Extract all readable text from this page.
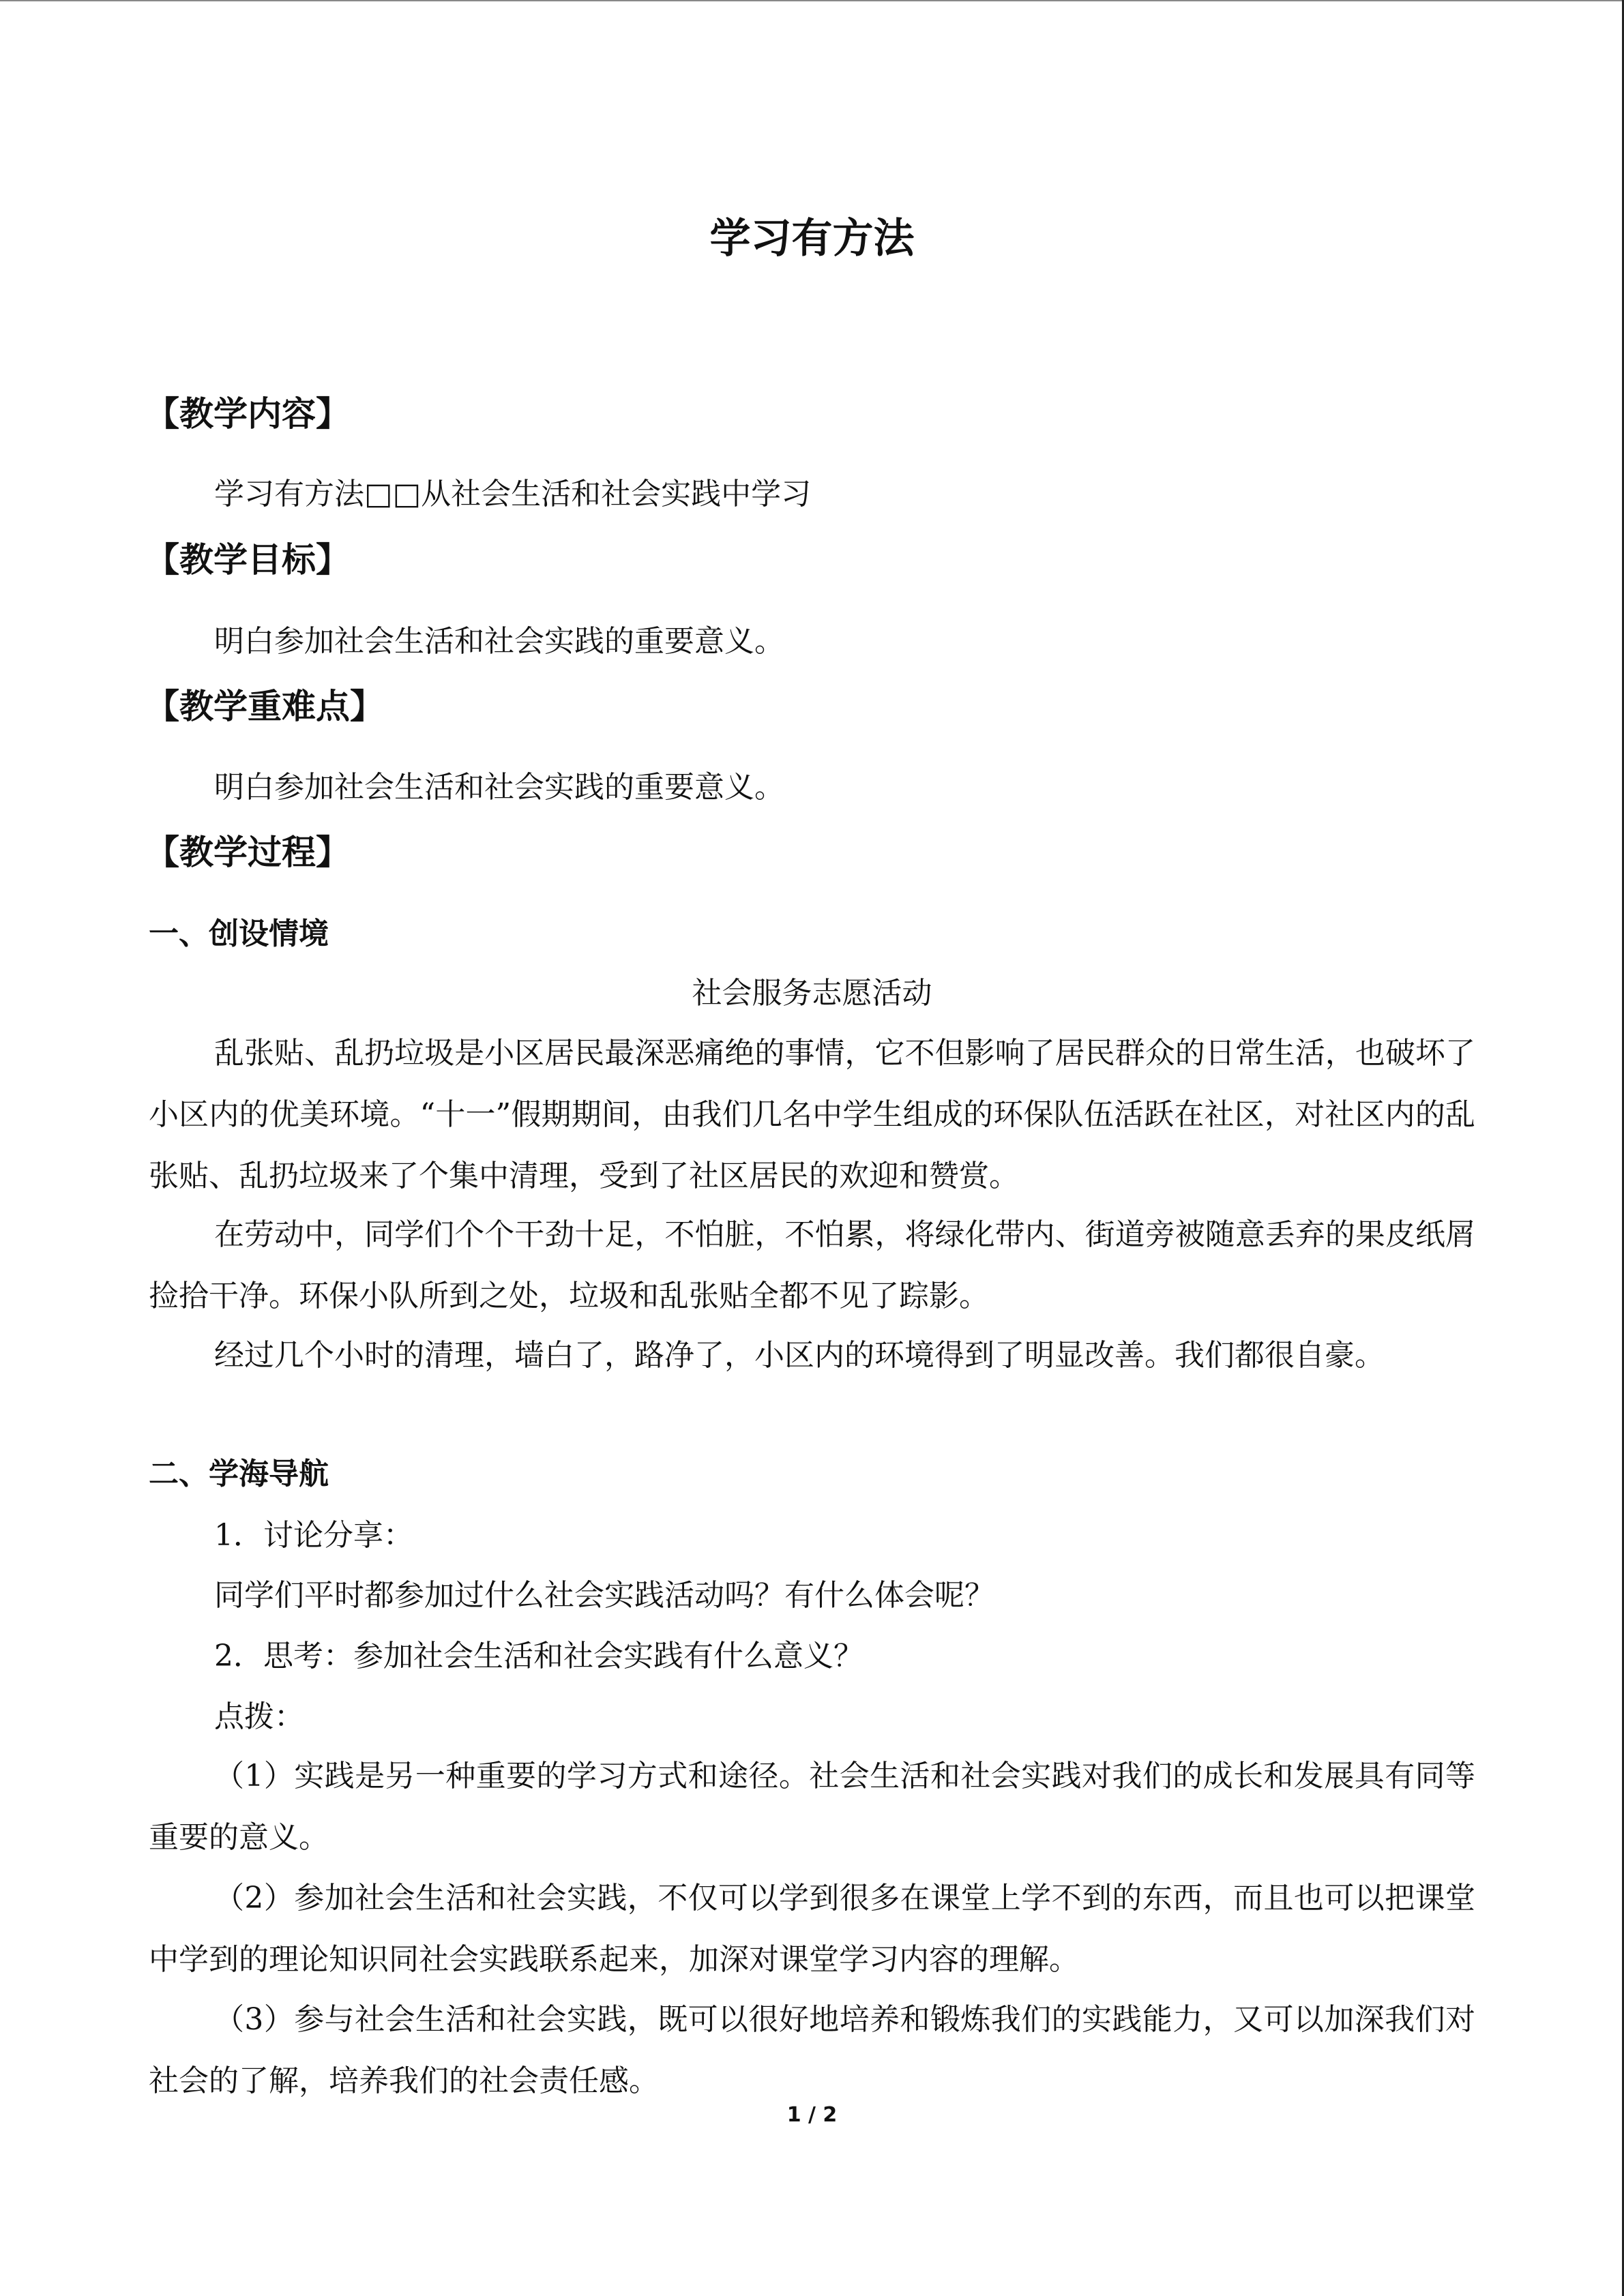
学习有方法
【教学内容】

学习有方法□□从社会生活和社会实践中学习

【教学目标】

明白参加社会生活和社会实践的重要意义。

【教学重难点】

明白参加社会生活和社会实践的重要意义。

【教学过程】
一、创设情境
社会服务志愿活动

乱张贴、乱扔垃圾是小区居民最深恶痛绝的事情，它不但影响了居民群众的日常生活，也破坏了小区内的优美环境。“十一”假期期间，由我们几名中学生组成的环保队伍活跃在社区，对社区内的乱张贴、乱扔垃圾来了个集中清理，受到了社区居民的欢迎和赞赏。

在劳动中，同学们个个干劲十足，不怕脏，不怕累，将绿化带内、街道旁被随意丢弃的果皮纸屑捡拾干净。环保小队所到之处，垃圾和乱张贴全都不见了踪影。

经过几个小时的清理，墙白了，路净了，小区内的环境得到了明显改善。我们都很自豪。

二、学海导航

1．讨论分享：

同学们平时都参加过什么社会实践活动吗？有什么体会呢？

2．思考：参加社会生活和社会实践有什么意义？

点拨：

（1）实践是另一种重要的学习方式和途径。社会生活和社会实践对我们的成长和发展具有同等重要的意义。

（2）参加社会生活和社会实践，不仅可以学到很多在课堂上学不到的东西，而且也可以把课堂中学到的理论知识同社会实践联系起来，加深对课堂学习内容的理解。

（3）参与社会生活和社会实践，既可以很好地培养和锻炼我们的实践能力，又可以加深我们对社会的了解，培养我们的社会责任感。

1 / 2
